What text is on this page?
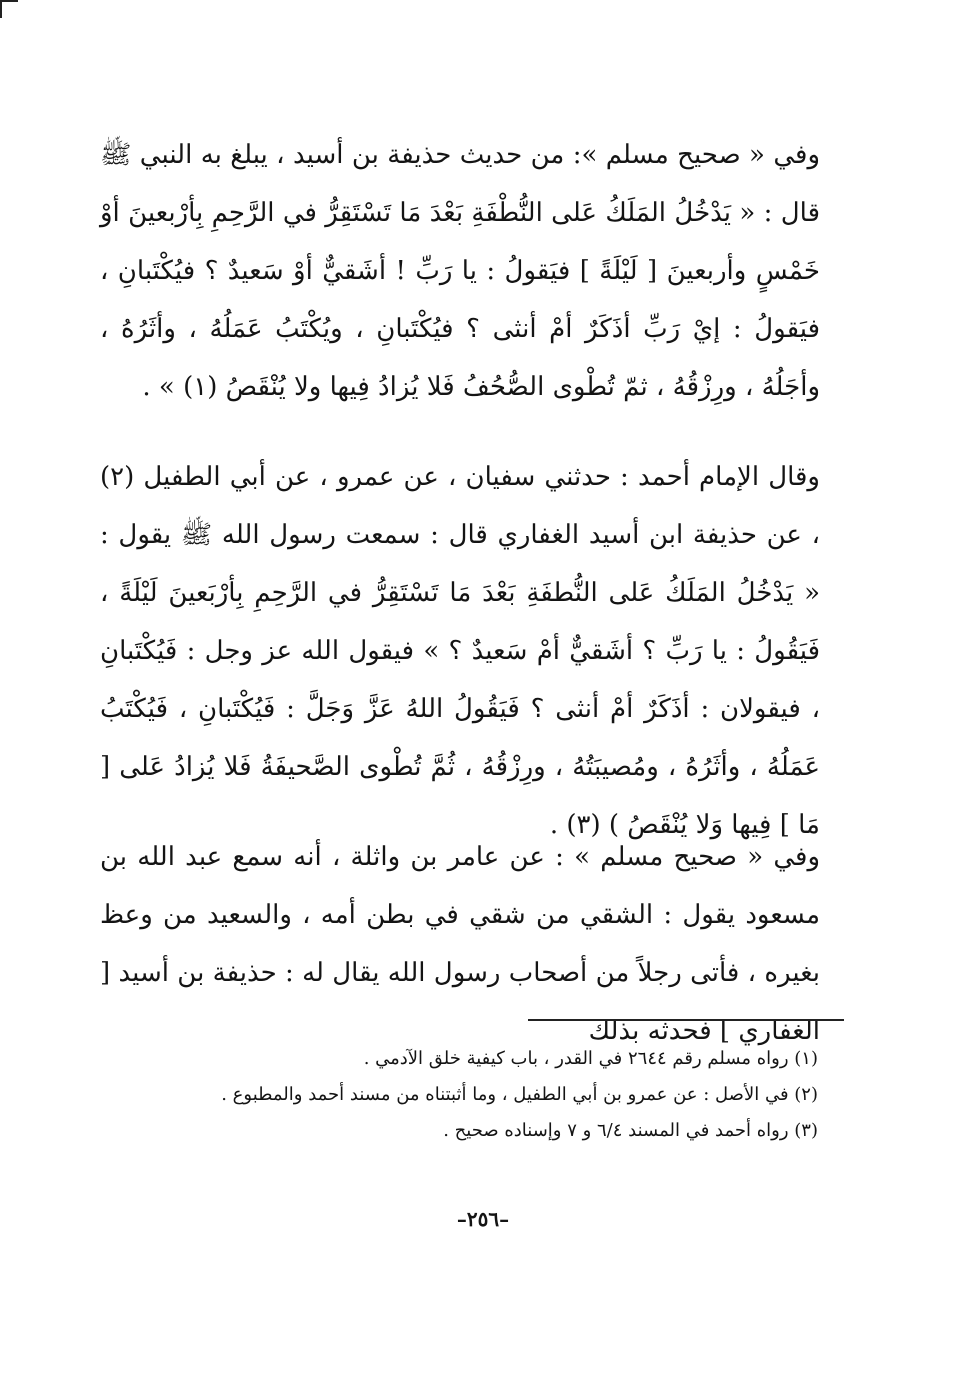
وفي « صحيح مسلم »: من حديث حذيفة بن أسيد ، يبلغ به النبي ﷺ قال : « يَدْخُلُ المَلَكُ عَلى النُّطْفَةِ بَعْدَ مَا تَسْتَقِرُّ في الرَّحِمِ بِأرْبعينَ أوْ خَمْسٍ وأربعينَ [ لَيْلَةً ] فيَقولُ : يا رَبِّ ! أشَقيٌّ أوْ سَعيدٌ ؟ فيُكْتَبانِ ، فيَقولُ : إيْ رَبِّ أذَكَرٌ أمْ أنثى ؟ فيُكْتَبانِ ، ويُكْتَبُ عَمَلُهُ ، وأثَرُهُ ، وأجَلُهُ ، ورِزْقُهُ ، ثمّ تُطْوى الصُّحُفُ فَلا يُزادُ فِيها ولا يُنْقَصُ (١) » .

وقال الإمام أحمد : حدثني سفيان ، عن عمرو ، عن أبي الطفيل (٢) ، عن حذيفة ابن أسيد الغفاري قال : سمعت رسول الله ﷺ يقول : « يَدْخُلُ المَلَكُ عَلى النُّطفَةِ بَعْدَ مَا تَسْتَقِرُّ في الرَّحِمِ بِأرْبَعينَ لَيْلَةً ، فَيَقُولُ : يا رَبِّ ؟ أشَقيٌّ أمْ سَعيدٌ ؟ » فيقول الله عز وجل : فَيُكْتَبانِ ، فيقولان : أذَكَرٌ أمْ أنثى ؟ فَيَقُولُ اللهُ عَزَّ وَجَلَّ : فَيُكْتَبانِ ، فَيُكْتَبُ عَمَلُهُ ، وأثَرُهُ ، ومُصيبَتُهُ ، ورِزْقُهُ ، ثُمَّ تُطْوى الصَّحيفَةُ فَلا يُزادُ عَلى [ مَا ] فِيها وَلا يُنْقَصُ ) (٣) .

وفي « صحيح مسلم » : عن عامر بن واثلة ، أنه سمع عبد الله بن مسعود يقول : الشقي من شقي في بطن أمه ، والسعيد من وعظ بغيره ، فأتى رجلاً من أصحاب رسول الله يقال له : حذيفة بن أسيد [ الغفاري ] فحدثه بذلك

(١) رواه مسلم رقم ٢٦٤٤ في القدر ، باب كيفية خلق الآدمي .

(٢) في الأصل : عن عمرو بن أبي الطفيل ، وما أثبتناه من مسند أحمد والمطبوع .

(٣) رواه أحمد في المسند ٦/٤ و ٧ وإسناده صحيح .

–٢٥٦–
